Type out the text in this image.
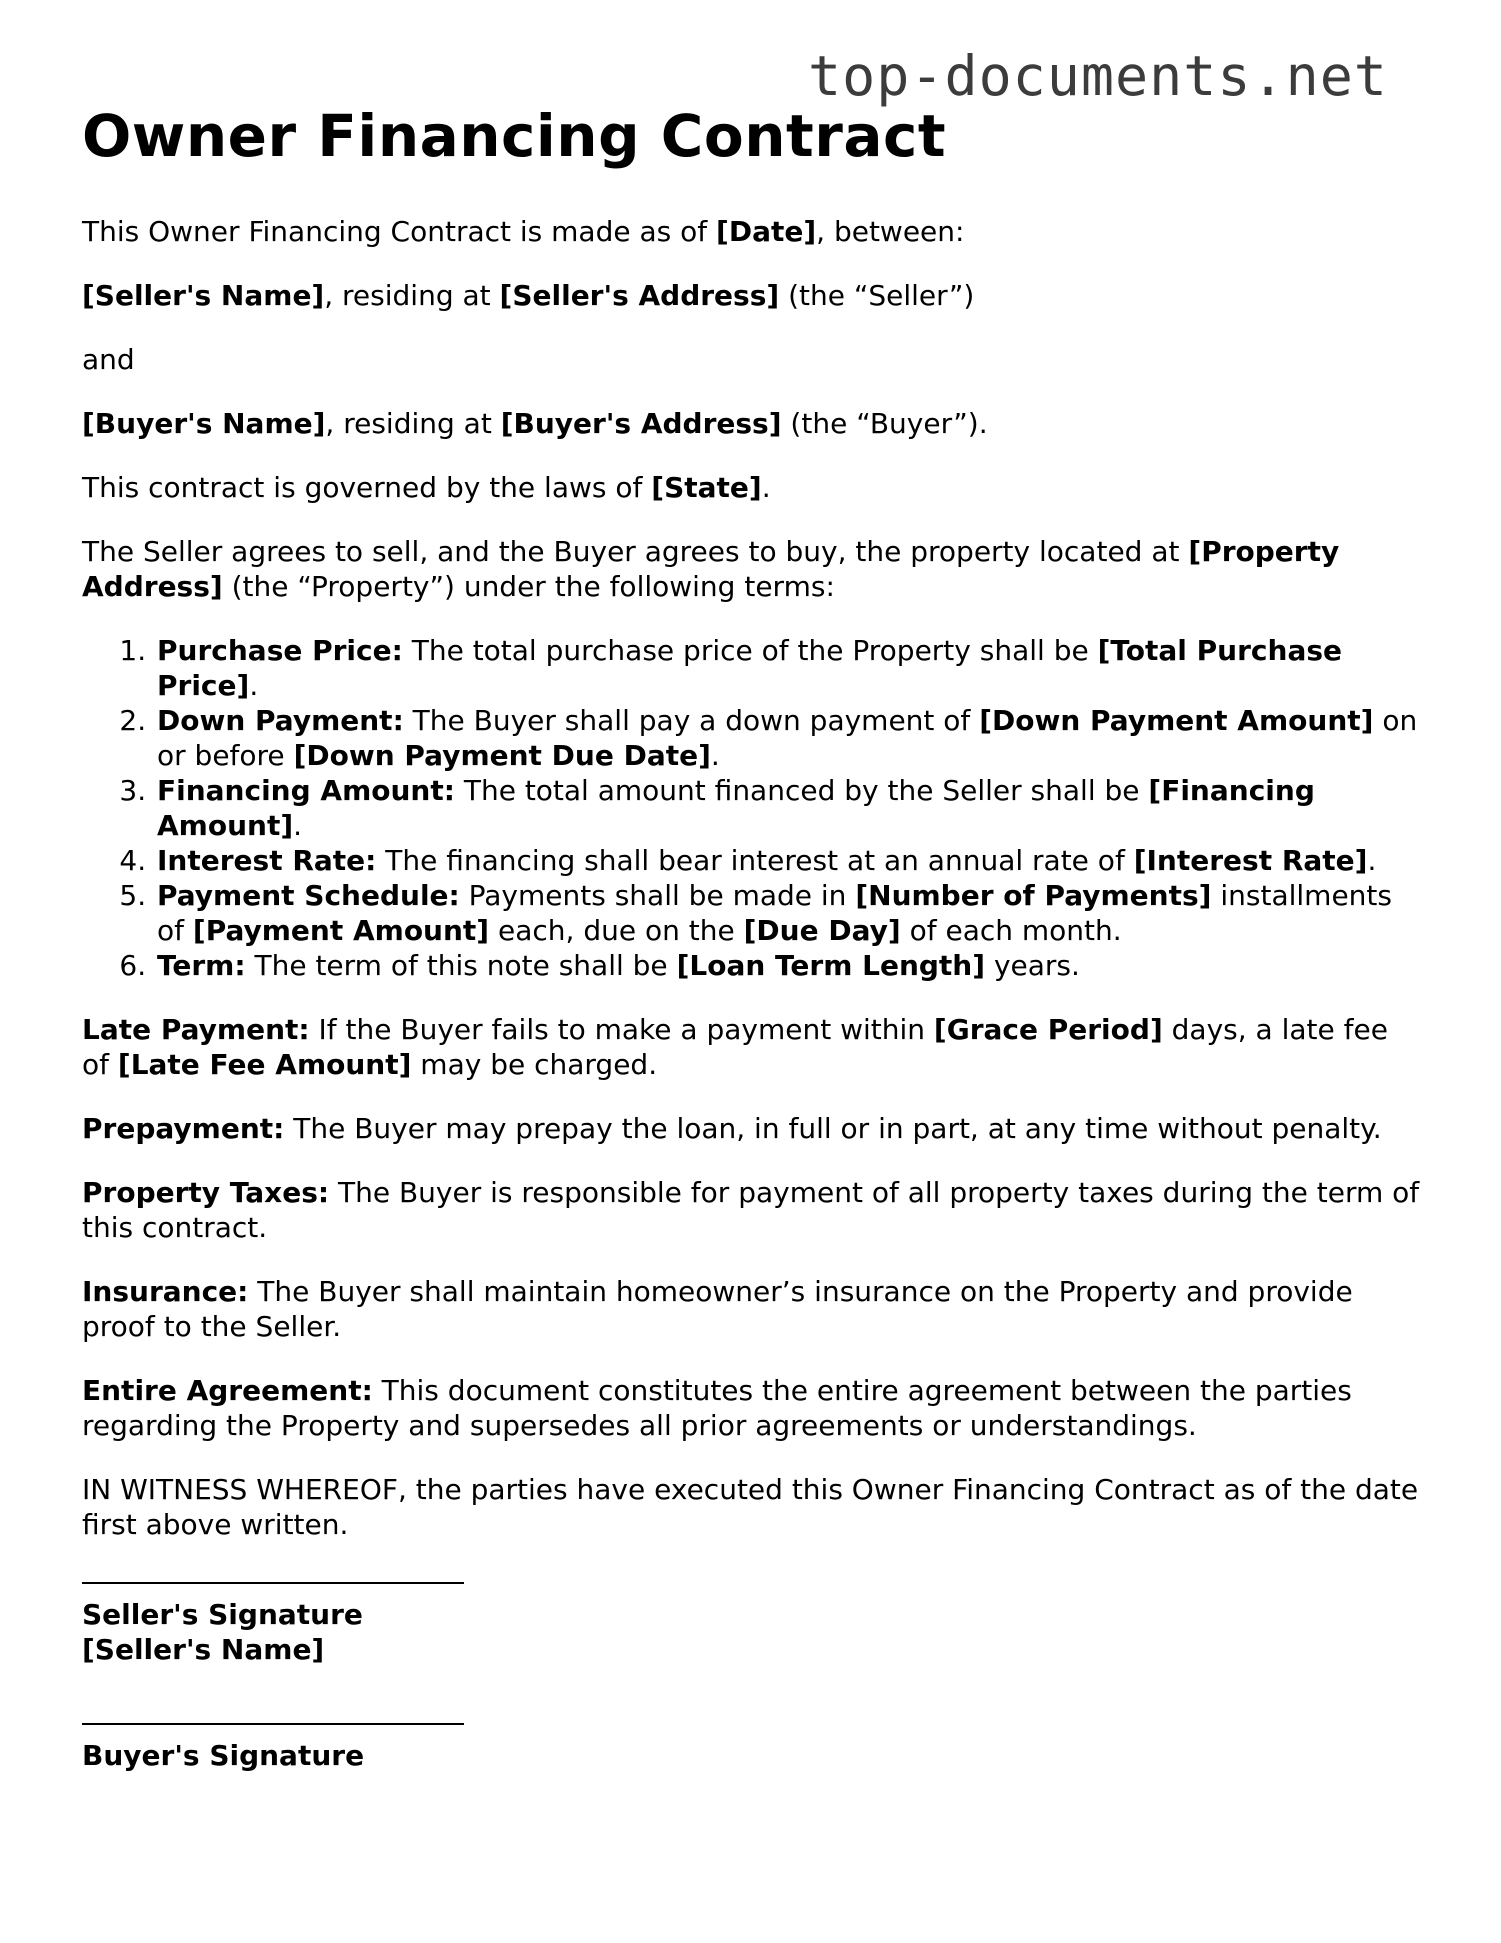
top-documents.net
Owner Financing Contract

This Owner Financing Contract is made as of [Date], between:

[Seller's Name], residing at [Seller's Address] (the “Seller”)

and

[Buyer's Name], residing at [Buyer's Address] (the “Buyer”).

This contract is governed by the laws of [State].

The Seller agrees to sell, and the Buyer agrees to buy, the property located at [Property Address] (the “Property”) under the following terms:

1. Purchase Price: The total purchase price of the Property shall be [Total Purchase Price].
2. Down Payment: The Buyer shall pay a down payment of [Down Payment Amount] on or before [Down Payment Due Date].
3. Financing Amount: The total amount financed by the Seller shall be [Financing Amount].
4. Interest Rate: The financing shall bear interest at an annual rate of [Interest Rate].
5. Payment Schedule: Payments shall be made in [Number of Payments] installments of [Payment Amount] each, due on the [Due Day] of each month.
6. Term: The term of this note shall be [Loan Term Length] years.

Late Payment: If the Buyer fails to make a payment within [Grace Period] days, a late fee of [Late Fee Amount] may be charged.

Prepayment: The Buyer may prepay the loan, in full or in part, at any time without penalty.

Property Taxes: The Buyer is responsible for payment of all property taxes during the term of this contract.

Insurance: The Buyer shall maintain homeowner’s insurance on the Property and provide proof to the Seller.

Entire Agreement: This document constitutes the entire agreement between the parties regarding the Property and supersedes all prior agreements or understandings.

IN WITNESS WHEREOF, the parties have executed this Owner Financing Contract as of the date first above written.

Seller's Signature
[Seller's Name]
Buyer's Signature
